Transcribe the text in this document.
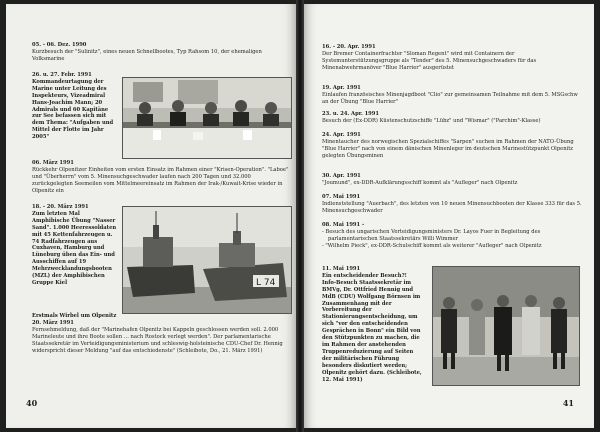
05. - 06. Dez. 1990
Kurzbesuch der "Sulinitz", eines neuen Schnellbootes, Typ Rahsom 10, der ehemaligen Volksmarine
26. u. 27. Febr. 1991
Kommandeurtagung der Marine unter Leitung des Inspekteurs, Vizeadmiral Hans-Joachim Mann; 20 Admirals und 60 Kapitäne zur See befassen sich mit dem Thema: "Aufgaben und Mittel der Flotte im Jahr 2005"
06. März 1991
Rückkehr Olpenitzer Einheiten vom ersten Einsatz im Rahmen einer "Krisen-Operation". "Laboe" und "Überherrn" vom 5. Minensuchgeschwader laufen nach 200 Tagen und 32.000 zurückgelegten Seemeilen vom Mittelmeereinsatz im Rahmen der Irak-/Kuwait-Krise wieder in Olpenitz ein
18. - 20. März 1991
Zum letzten Mal Amphibische Übung "Nasser Sand". 1.000 Heeressoldaten mit 45 Kettenfahrzeugen u. 74 Radfahrzeugen aus Cuxhaven, Hamburg und Lüneburg üben das Ein- und Ausschiffen auf 19 Mehrzwecklandungsbooten (MZL) der Amphibischen Gruppe Kiel	L 74
Erstmals Wirbel um Olpenitz
20. März 1991
Fernsehmeldung, daß der "Marinehafen Olpenitz bei Kappeln geschlossen werden soll. 2.000 Marineleute und ihre Boote sollen … nach Rostock verlegt werden". Der parlamentarische Staatssekretär im Verteidigungsministerium und schleswig-holsteinische CDU-Chef Dr. Hennig widerspricht dieser Meldung "auf das entschiedenste" (Schleibote, Do., 21. März 1991)
40
16. - 20. Apr. 1991
Der Bremer Containerfrachter "Sloman Regent" wird mit Containern der Systemunterstützungsgruppe als "Tender" des 5. Minensuchgeschwaders für das Minenabwehrmanöver "Blue Harrier" ausgerüstet
19. Apr. 1991
Einlaufen französisches Minenjagdboot "Clio" zur gemeinsamen Teilnahme mit dem 5. MSGschw an der Übung "Blue Harrier"
23. u. 24. Apr. 1991
Besuch der (Ex-DDR) Küstenschutzschiffe "Lübz" und "Wismar" ("Parchim"-Klasse)
24. Apr. 1991
Minentaucher des norwegischen Spezialschiffes "Sarpen" suchen im Rahmen der NATO-Übung "Blue Harrier" nach von einem dänischen Minenleger im deutschen Marinestützpunkt Olpenitz gelegten Übungsminen
30. Apr. 1991
"Joumund", ex-DDR-Aufklärungsschiff kommt als "Aufleger" nach Olpenitz
07. Mai 1991
Indienststellung "Auerbach", des letzten von 10 neuen Minensuchbooten der Klasse 333 für das 5. Minensuchgeschwader
08. Mai 1991 -
- Besuch des ungarischen Verteidigungsministers Dr. Layos Fuer in Begleitung des parlamentarischen Staatssekretärs Willi Wimmer
- "Wilhelm Pieck", ex-DDR-Schulschiff kommt als weiterer "Aufleger" nach Olpenitz
11. Mai 1991
Ein entscheidender Besuch?!
Info-Besuch Staatssekretär im BMVg, Dr. Ottfried Hennig und MdB (CDU) Wolfgang Börnsen im Zusammenhang mit der Vorbereitung der Stationierungsentscheidung, um sich "vor den entscheidenden Gesprächen in Bonn" ein Bild von den Stützpunkten zu machen, die im Rahmen der anstehenden Truppenreduzierung auf Seiten der militärischen Führung besonders diskutiert werden; Olpenitz gehört dazu. (Schleibote, 12. Mai 1991)
41
